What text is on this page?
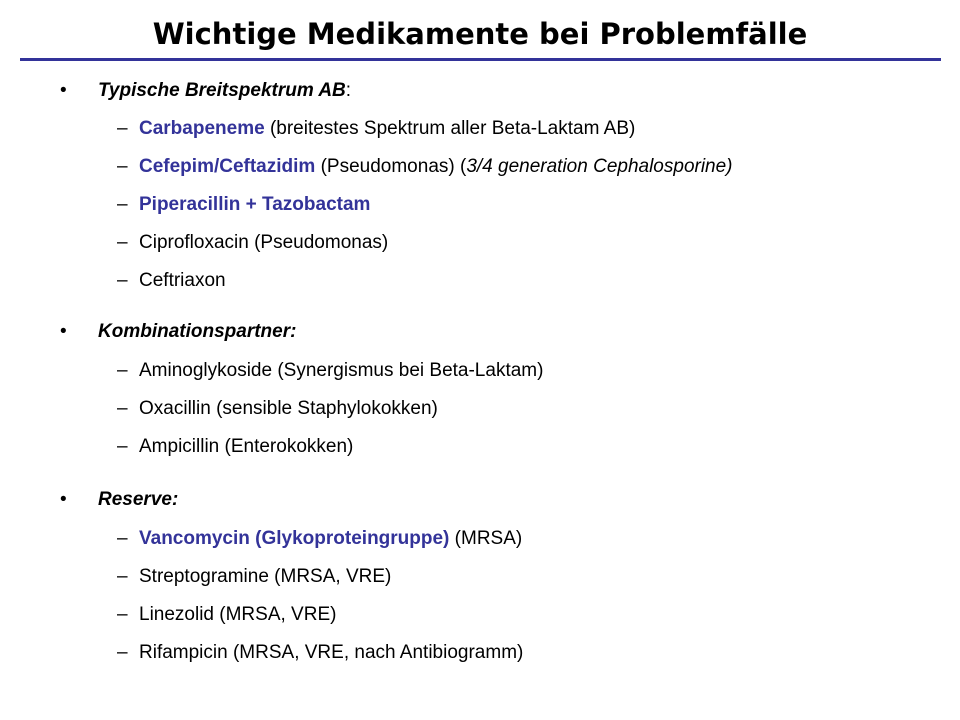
Wichtige Medikamente bei Problemfälle
• Typische Breitspektrum AB:
– Carbapeneme (breitestes Spektrum aller Beta-Laktam AB)
– Cefepim/Ceftazidim (Pseudomonas) (3/4 generation Cephalosporine)
– Piperacillin + Tazobactam
– Ciprofloxacin (Pseudomonas)
– Ceftriaxon
• Kombinationspartner:
– Aminoglykoside (Synergismus bei Beta-Laktam)
– Oxacillin (sensible Staphylokokken)
– Ampicillin (Enterokokken)
• Reserve:
– Vancomycin (Glykoproteingruppe) (MRSA)
– Streptogramine (MRSA, VRE)
– Linezolid (MRSA, VRE)
– Rifampicin (MRSA, VRE, nach Antibiogramm)
